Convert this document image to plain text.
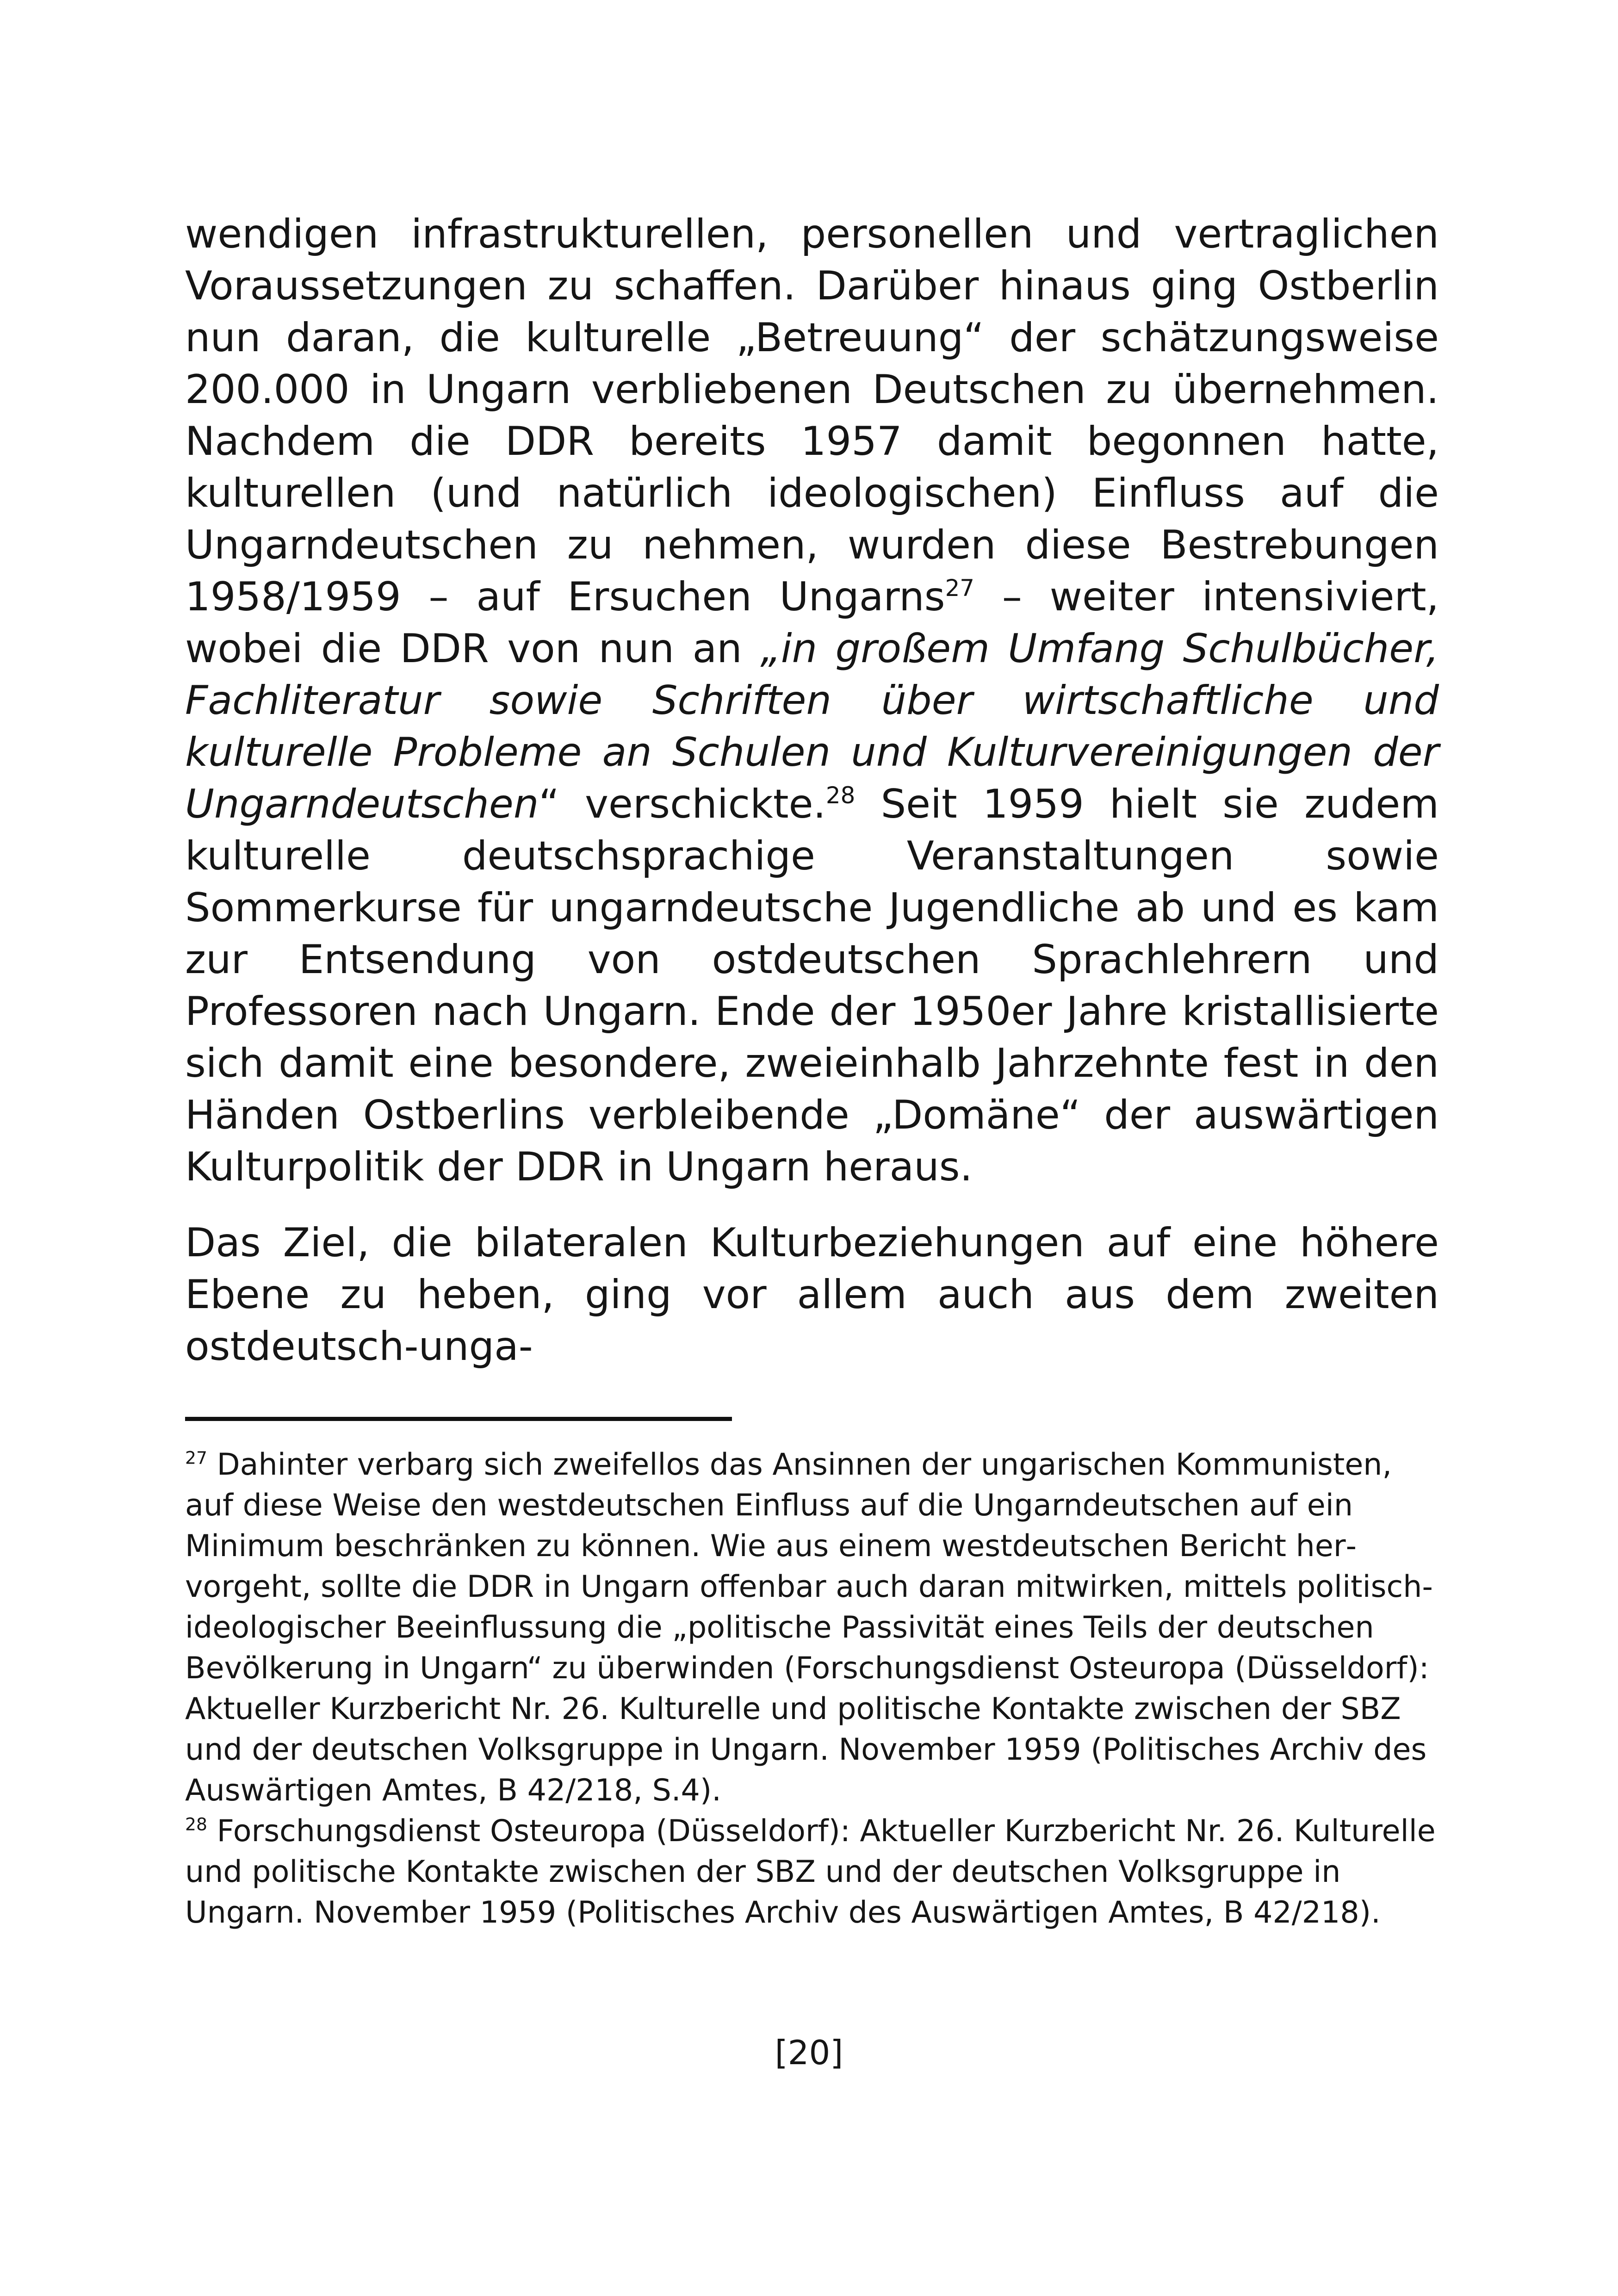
wendigen infrastrukturellen, personellen und vertraglichen Voraussetzungen zu schaffen. Darüber hinaus ging Ostberlin nun daran, die kulturelle „Betreuung“ der schätzungsweise 200.000 in Ungarn verbliebenen Deutschen zu übernehmen. Nachdem die DDR bereits 1957 damit begonnen hatte, kulturellen (und natürlich ideologischen) Einfluss auf die Ungarndeutschen zu nehmen, wurden diese Bestrebungen 1958/1959 – auf Ersuchen Ungarns$^{27}$ – weiter intensiviert, wobei die DDR von nun an „in großem Umfang Schulbücher, Fachliteratur sowie Schriften über wirtschaftliche und kulturelle Probleme an Schulen und Kulturvereinigungen der Ungarndeutschen“ verschickte.$^{28}$ Seit 1959 hielt sie zudem kulturelle deutschsprachige Veranstaltungen sowie Sommerkurse für ungarndeutsche Jugendliche ab und es kam zur Entsendung von ostdeutschen Sprachlehrern und Professoren nach Ungarn. Ende der 1950er Jahre kristallisierte sich damit eine besondere, zweieinhalb Jahrzehnte fest in den Händen Ostberlins verbleibende „Domäne“ der auswärtigen Kulturpolitik der DDR in Ungarn heraus.

Das Ziel, die bilateralen Kulturbeziehungen auf eine höhere Ebene zu heben, ging vor allem auch aus dem zweiten ostdeutsch-unga-

$^{27}$ Dahinter verbarg sich zweifellos das Ansinnen der ungarischen Kommunisten, auf diese Weise den westdeutschen Einfluss auf die Ungarndeutschen auf ein Minimum beschränken zu können. Wie aus einem westdeutschen Bericht hervorgeht, sollte die DDR in Ungarn offenbar auch daran mitwirken, mittels politisch-ideologischer Beeinflussung die „politische Passivität eines Teils der deutschen Bevölkerung in Ungarn“ zu überwinden (Forschungsdienst Osteuropa (Düsseldorf): Aktueller Kurzbericht Nr. 26. Kulturelle und politische Kontakte zwischen der SBZ und der deutschen Volksgruppe in Ungarn. November 1959 (Politisches Archiv des Auswärtigen Amtes, B 42/218, S.4).

$^{28}$ Forschungsdienst Osteuropa (Düsseldorf): Aktueller Kurzbericht Nr. 26. Kulturelle und politische Kontakte zwischen der SBZ und der deutschen Volksgruppe in Ungarn. November 1959 (Politisches Archiv des Auswärtigen Amtes, B 42/218).

[20]
